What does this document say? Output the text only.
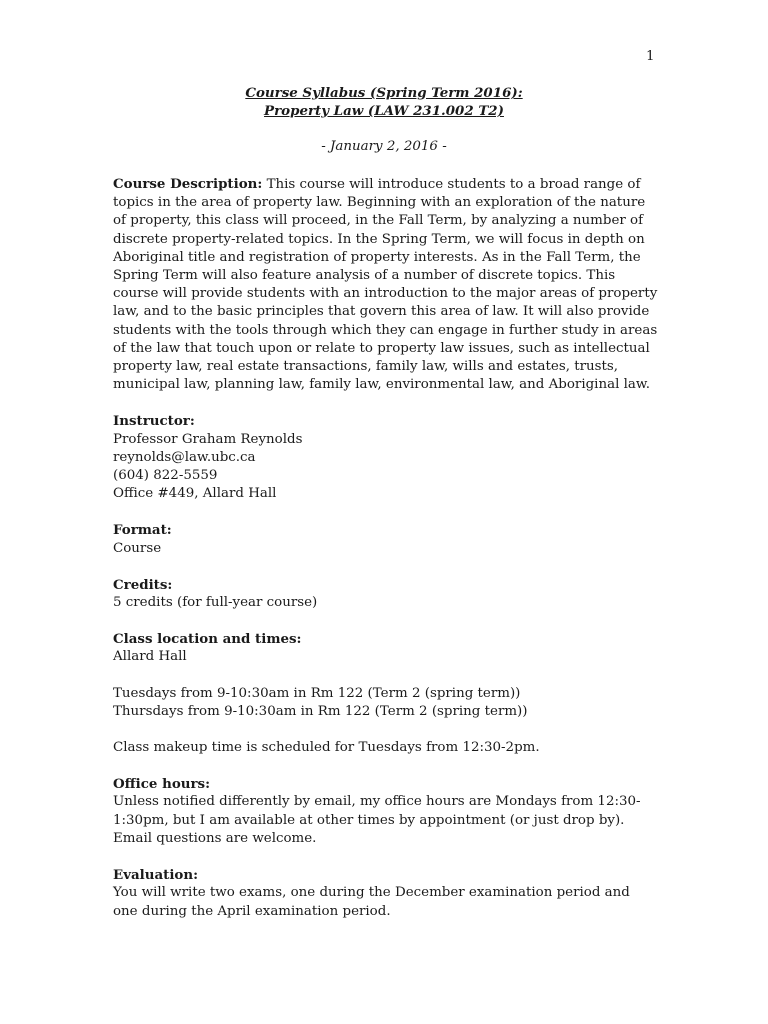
1
Course Syllabus (Spring Term 2016):
Property Law (LAW 231.002 T2)
- January 2, 2016 -

Course Description: This course will introduce students to a broad range of topics in the area of property law. Beginning with an exploration of the nature of property, this class will proceed, in the Fall Term, by analyzing a number of discrete property-related topics. In the Spring Term, we will focus in depth on Aboriginal title and registration of property interests. As in the Fall Term, the Spring Term will also feature analysis of a number of discrete topics. This course will provide students with an introduction to the major areas of property law, and to the basic principles that govern this area of law. It will also provide students with the tools through which they can engage in further study in areas of the law that touch upon or relate to property law issues, such as intellectual property law, real estate transactions, family law, wills and estates, trusts, municipal law, planning law, family law, environmental law, and Aboriginal law.

Instructor:
Professor Graham Reynolds
reynolds@law.ubc.ca
(604) 822-5559
Office #449, Allard Hall
Format:
Course
Credits:
5 credits (for full-year course)
Class location and times:
Allard Hall
Tuesdays from 9-10:30am in Rm 122 (Term 2 (spring term))
Thursdays from 9-10:30am in Rm 122 (Term 2 (spring term))
Class makeup time is scheduled for Tuesdays from 12:30-2pm.
Office hours:

Unless notified differently by email, my office hours are Mondays from 12:30-1:30pm, but I am available at other times by appointment (or just drop by). Email questions are welcome.

Evaluation:

You will write two exams, one during the December examination period and one during the April examination period.
